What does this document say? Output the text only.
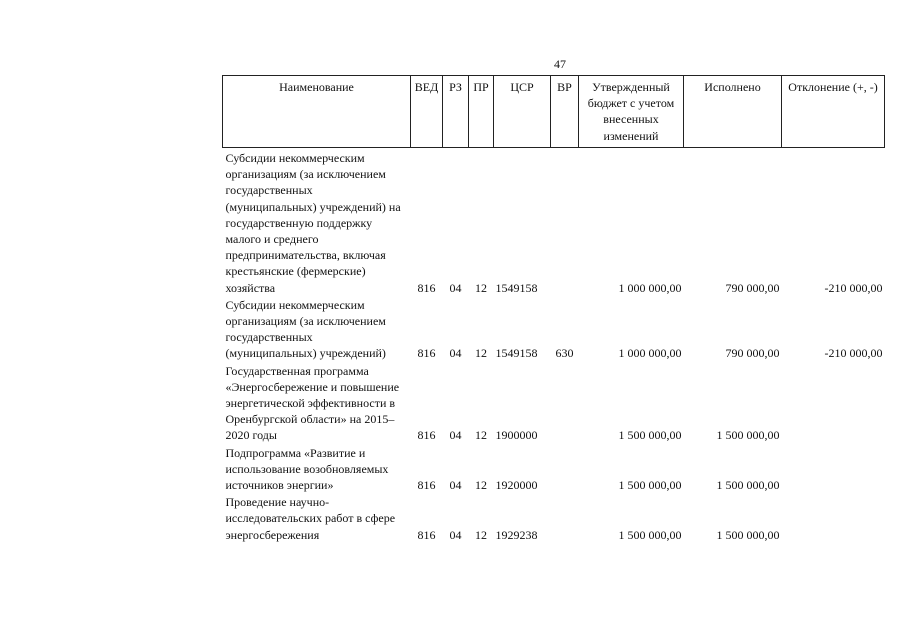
47
Наименование	ВЕД	РЗ	ПР	ЦСР	ВР	Утвержденный бюджет с учетом внесенных изменений	Исполнено	Отклонение (+, -)
Субсидии некоммерческим организациям (за исключением государственных (муниципальных) учреждений) на государственную поддержку малого и среднего предпринимательства, включая крестьянские (фермерские) хозяйства	816	04	12	1549158		1 000 000,00	790 000,00	-210 000,00
Субсидии некоммерческим организациям (за исключением государственных (муниципальных) учреждений)	816	04	12	1549158	630	1 000 000,00	790 000,00	-210 000,00
Государственная программа «Энергосбережение и повышение энергетической эффективности в Оренбургской области» на 2015–2020 годы	816	04	12	1900000		1 500 000,00	1 500 000,00	
Подпрограмма «Развитие и использование возобновляемых источников энергии»	816	04	12	1920000		1 500 000,00	1 500 000,00	
Проведение научно-исследовательских работ в сфере энергосбережения	816	04	12	1929238		1 500 000,00	1 500 000,00	
